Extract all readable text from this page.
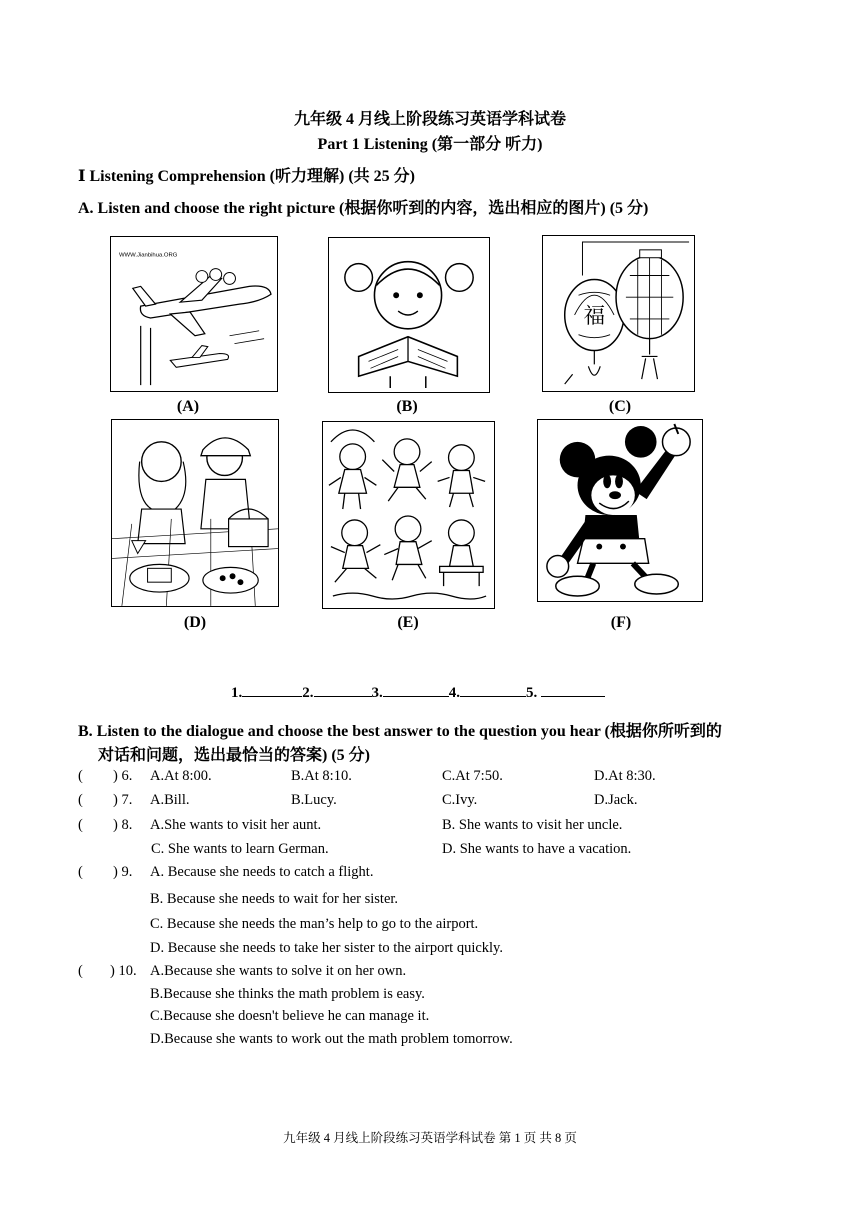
九年级 4 月线上阶段练习英语学科试卷
Part 1 Listening (第一部分 听力)
Ⅰ Listening Comprehension (听力理解) (共 25 分)
A. Listen and choose the right picture (根据你听到的内容，选出相应的图片) (5 分)
WWW.Jianbihua.ORG
(A)	(B)
福
(C)
(D)	(E)	(F)
1.	2.	3.	4.	5.
B. Listen to the dialogue and choose the best answer to the question you hear (根据你所听到的
对话和问题，选出最恰当的答案) (5 分)
( ) 6. A.At 8:00.	B.At 8:10.	C.At 7:50.	D.At 8:30.
( ) 7. A.Bill.	B.Lucy.	C.Ivy.	D.Jack.
( ) 8. A.She wants to visit her aunt.	B. She wants to visit her uncle.
C. She wants to learn German.	D. She wants to have a vacation.
( ) 9. A. Because she needs to catch a flight.
B. Because she needs to wait for her sister.
C. Because she needs the man’s help to go to the airport.
D. Because she needs to take her sister to the airport quickly.
( ) 10. A.Because she wants to solve it on her own.
B.Because she thinks the math problem is easy.
C.Because she doesn't believe he can manage it.
D.Because she wants to work out the math problem tomorrow.
九年级 4 月线上阶段练习英语学科试卷 第 1 页 共 8 页
